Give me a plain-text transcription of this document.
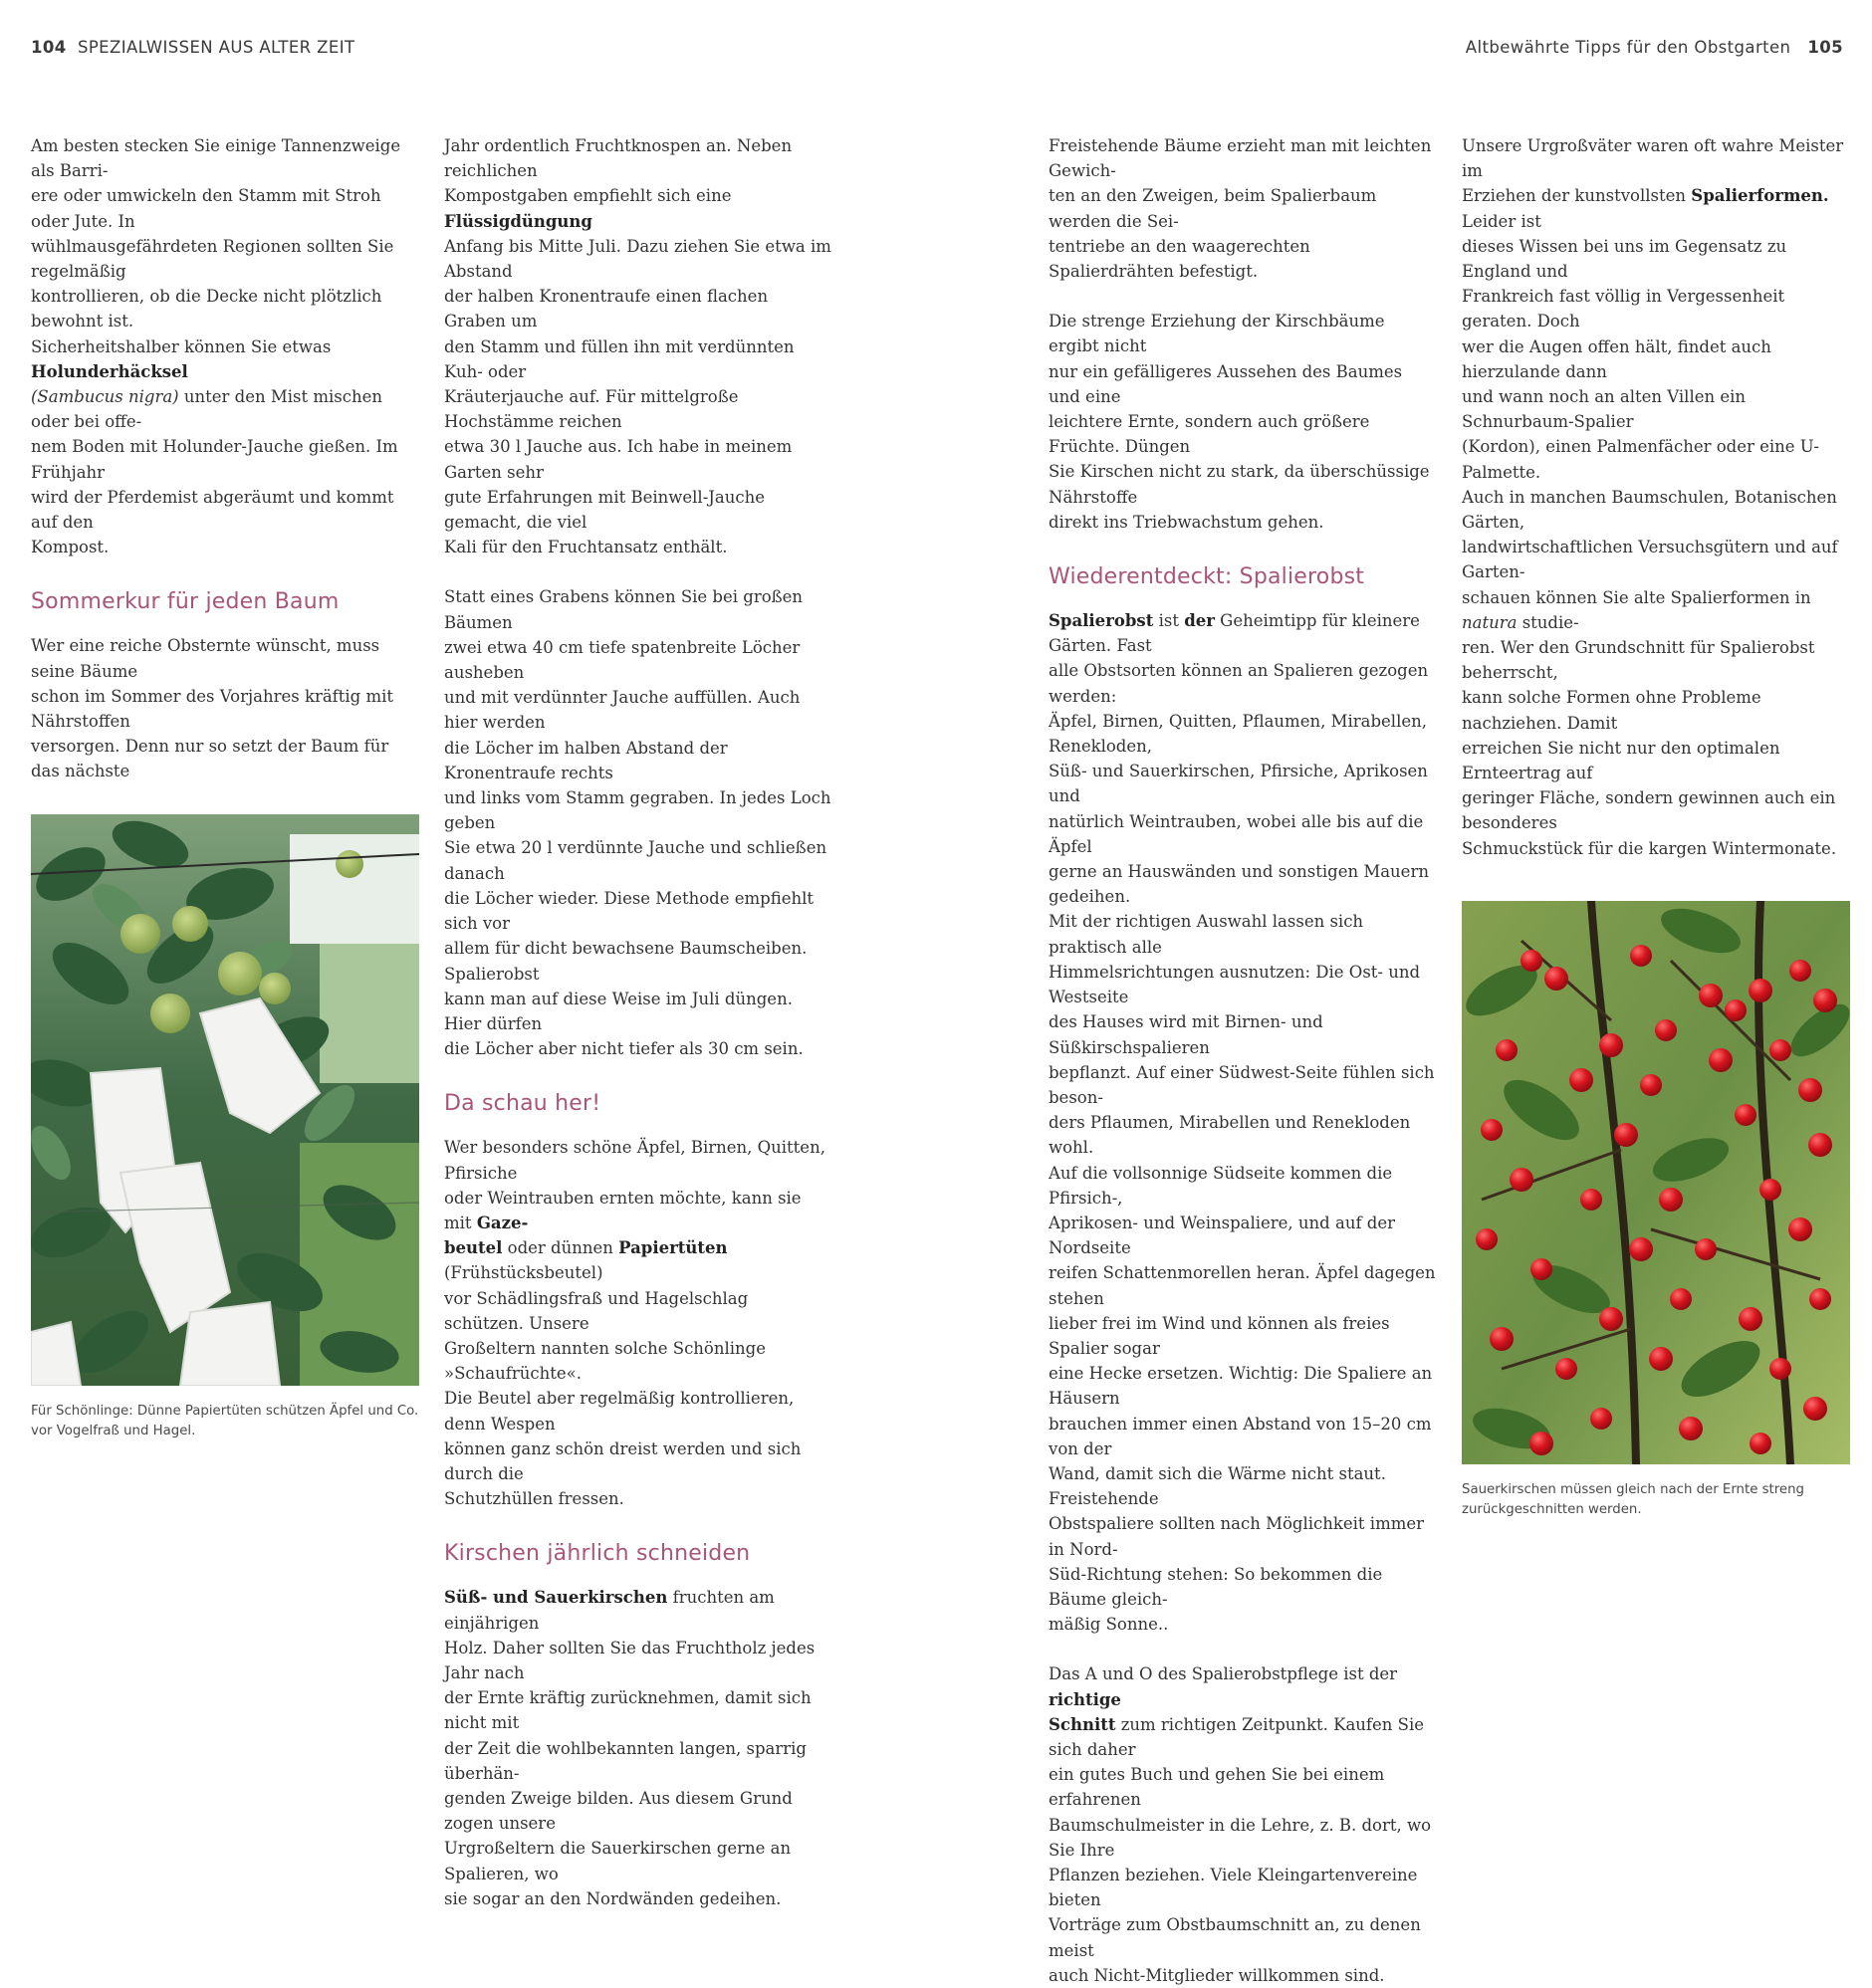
104 SPEZIALWISSEN AUS ALTER ZEIT

Am besten stecken Sie einige Tannenzweige als Barri-
ere oder umwickeln den Stamm mit Stroh oder Jute. In
wühlmausgefährdeten Regionen sollten Sie regelmäßig
kontrollieren, ob die Decke nicht plötzlich bewohnt ist.
Sicherheitshalber können Sie etwas Holunderhäcksel
(Sambucus nigra) unter den Mist mischen oder bei offe-
nem Boden mit Holunder-Jauche gießen. Im Frühjahr
wird der Pferdemist abgeräumt und kommt auf den
Kompost.

Sommerkur für jeden Baum

Wer eine reiche Obsternte wünscht, muss seine Bäume
schon im Sommer des Vorjahres kräftig mit Nährstoffen
versorgen. Denn nur so setzt der Baum für das nächste

Für Schönlinge: Dünne Papiertüten schützen Äpfel und Co.
vor Vogelfraß und Hagel.

Jahr ordentlich Fruchtknospen an. Neben reichlichen
Kompostgaben empfiehlt sich eine Flüssigdüngung
Anfang bis Mitte Juli. Dazu ziehen Sie etwa im Abstand
der halben Kronentraufe einen flachen Graben um
den Stamm und füllen ihn mit verdünnten Kuh- oder
Kräuterjauche auf. Für mittelgroße Hochstämme reichen
etwa 30 l Jauche aus. Ich habe in meinem Garten sehr
gute Erfahrungen mit Beinwell-Jauche gemacht, die viel
Kali für den Fruchtansatz enthält.

Statt eines Grabens können Sie bei großen Bäumen
zwei etwa 40 cm tiefe spatenbreite Löcher ausheben
und mit verdünnter Jauche auffüllen. Auch hier werden
die Löcher im halben Abstand der Kronentraufe rechts
und links vom Stamm gegraben. In jedes Loch geben
Sie etwa 20 l verdünnte Jauche und schließen danach
die Löcher wieder. Diese Methode empfiehlt sich vor
allem für dicht bewachsene Baumscheiben. Spalierobst
kann man auf diese Weise im Juli düngen. Hier dürfen
die Löcher aber nicht tiefer als 30 cm sein.

Da schau her!

Wer besonders schöne Äpfel, Birnen, Quitten, Pfirsiche
oder Weintrauben ernten möchte, kann sie mit Gaze-
beutel oder dünnen Papiertüten (Frühstücksbeutel)
vor Schädlingsfraß und Hagelschlag schützen. Unsere
Großeltern nannten solche Schönlinge »Schaufrüchte«.
Die Beutel aber regelmäßig kontrollieren, denn Wespen
können ganz schön dreist werden und sich durch die
Schutzhüllen fressen.

Kirschen jährlich schneiden

Süß- und Sauerkirschen fruchten am einjährigen
Holz. Daher sollten Sie das Fruchtholz jedes Jahr nach
der Ernte kräftig zurücknehmen, damit sich nicht mit
der Zeit die wohlbekannten langen, sparrig überhän-
genden Zweige bilden. Aus diesem Grund zogen unsere
Urgroßeltern die Sauerkirschen gerne an Spalieren, wo
sie sogar an den Nordwänden gedeihen.

Altbewährte Tipps für den Obstgarten 105

Freistehende Bäume erzieht man mit leichten Gewich-
ten an den Zweigen, beim Spalierbaum werden die Sei-
tentriebe an den waagerechten Spalierdrähten befestigt.

Die strenge Erziehung der Kirschbäume ergibt nicht
nur ein gefälligeres Aussehen des Baumes und eine
leichtere Ernte, sondern auch größere Früchte. Düngen
Sie Kirschen nicht zu stark, da überschüssige Nährstoffe
direkt ins Triebwachstum gehen.

Wiederentdeckt: Spalierobst

Spalierobst ist der Geheimtipp für kleinere Gärten. Fast
alle Obstsorten können an Spalieren gezogen werden:
Äpfel, Birnen, Quitten, Pflaumen, Mirabellen, Renekloden,
Süß- und Sauerkirschen, Pfirsiche, Aprikosen und
natürlich Weintrauben, wobei alle bis auf die Äpfel
gerne an Hauswänden und sonstigen Mauern gedeihen.
Mit der richtigen Auswahl lassen sich praktisch alle
Himmelsrichtungen ausnutzen: Die Ost- und Westseite
des Hauses wird mit Birnen- und Süßkirschspalieren
bepflanzt. Auf einer Südwest-Seite fühlen sich beson-
ders Pflaumen, Mirabellen und Renekloden wohl.
Auf die vollsonnige Südseite kommen die Pfirsich-,
Aprikosen- und Weinspaliere, und auf der Nordseite
reifen Schattenmorellen heran. Äpfel dagegen stehen
lieber frei im Wind und können als freies Spalier sogar
eine Hecke ersetzen. Wichtig: Die Spaliere an Häusern
brauchen immer einen Abstand von 15–20 cm von der
Wand, damit sich die Wärme nicht staut. Freistehende
Obstspaliere sollten nach Möglichkeit immer in Nord-
Süd-Richtung stehen: So bekommen die Bäume gleich-
mäßig Sonne..

Das A und O des Spalierobstpflege ist der richtige
Schnitt zum richtigen Zeitpunkt. Kaufen Sie sich daher
ein gutes Buch und gehen Sie bei einem erfahrenen
Baumschulmeister in die Lehre, z. B. dort, wo Sie Ihre
Pflanzen beziehen. Viele Kleingartenvereine bieten
Vorträge zum Obstbaumschnitt an, zu denen meist
auch Nicht-Mitglieder willkommen sind.

Unsere Urgroßväter waren oft wahre Meister im
Erziehen der kunstvollsten Spalierformen. Leider ist
dieses Wissen bei uns im Gegensatz zu England und
Frankreich fast völlig in Vergessenheit geraten. Doch
wer die Augen offen hält, findet auch hierzulande dann
und wann noch an alten Villen ein Schnurbaum-Spalier
(Kordon), einen Palmenfächer oder eine U-Palmette.
Auch in manchen Baumschulen, Botanischen Gärten,
landwirtschaftlichen Versuchsgütern und auf Garten-
schauen können Sie alte Spalierformen in natura studie-
ren. Wer den Grundschnitt für Spalierobst beherrscht,
kann solche Formen ohne Probleme nachziehen. Damit
erreichen Sie nicht nur den optimalen Ernteertrag auf
geringer Fläche, sondern gewinnen auch ein besonderes
Schmuckstück für die kargen Wintermonate.

Sauerkirschen müssen gleich nach der Ernte streng
zurückgeschnitten werden.
